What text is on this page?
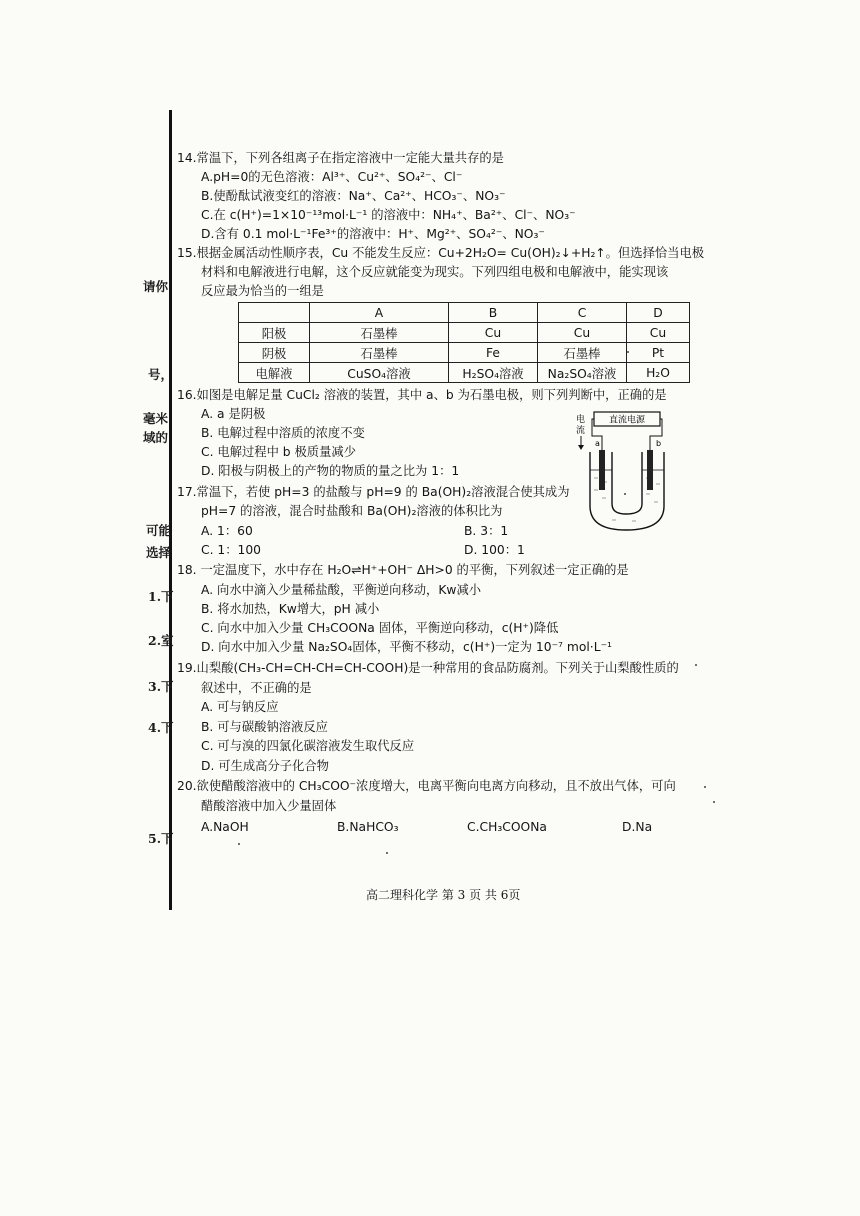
请你
号，
毫米
域的
可能
选择
1.下
2.室
3.下
4.下
5.下
14.常温下，下列各组离子在指定溶液中一定能大量共存的是
A.pH=0的无色溶液：Al³⁺、Cu²⁺、SO₄²⁻、Cl⁻
B.使酚酞试液变红的溶液：Na⁺、Ca²⁺、HCO₃⁻、NO₃⁻
C.在 c(H⁺)=1×10⁻¹³mol·L⁻¹ 的溶液中：NH₄⁺、Ba²⁺、Cl⁻、NO₃⁻
D.含有 0.1 mol·L⁻¹Fe³⁺的溶液中：H⁺、Mg²⁺、SO₄²⁻、NO₃⁻
15.根据金属活动性顺序表，Cu 不能发生反应：Cu+2H₂O= Cu(OH)₂↓+H₂↑。但选择恰当电极
材料和电解液进行电解，这个反应就能变为现实。下列四组电极和电解液中，能实现该
反应最为恰当的一组是
	A	B	C	D
阳极	石墨棒	Cu	Cu	Cu
阴极	石墨棒	Fe	石墨棒	Pt
电解液	CuSO₄溶液	H₂SO₄溶液	Na₂SO₄溶液	H₂O
16.如图是电解足量 CuCl₂ 溶液的装置，其中 a、b 为石墨电极，则下列判断中，正确的是
A. a 是阴极
B. 电解过程中溶质的浓度不变
C. 电解过程中 b 极质量减少
D. 阳极与阴极上的产物的物质的量之比为 1：1
直流电源
电
流
a	b
17.常温下，若使 pH=3 的盐酸与 pH=9 的 Ba(OH)₂溶液混合使其成为
pH=7 的溶液，混合时盐酸和 Ba(OH)₂溶液的体积比为
A. 1：60	B. 3：1
C. 1：100	D. 100：1
18. 一定温度下，水中存在 H₂O⇌H⁺+OH⁻ ΔH>0 的平衡，下列叙述一定正确的是
A. 向水中滴入少量稀盐酸，平衡逆向移动，Kw减小
B. 将水加热，Kw增大，pH 减小
C. 向水中加入少量 CH₃COONa 固体，平衡逆向移动，c(H⁺)降低
D. 向水中加入少量 Na₂SO₄固体，平衡不移动，c(H⁺)一定为 10⁻⁷ mol·L⁻¹
19.山梨酸(CH₃-CH=CH-CH=CH-COOH)是一种常用的食品防腐剂。下列关于山梨酸性质的
叙述中，不正确的是
A. 可与钠反应
B. 可与碳酸钠溶液反应
C. 可与溴的四氯化碳溶液发生取代反应
D. 可生成高分子化合物
20.欲使醋酸溶液中的 CH₃COO⁻浓度增大，电离平衡向电离方向移动，且不放出气体，可向
醋酸溶液中加入少量固体
A.NaOH	B.NaHCO₃	C.CH₃COONa	D.Na
高二理科化学 第 3 页 共 6页
